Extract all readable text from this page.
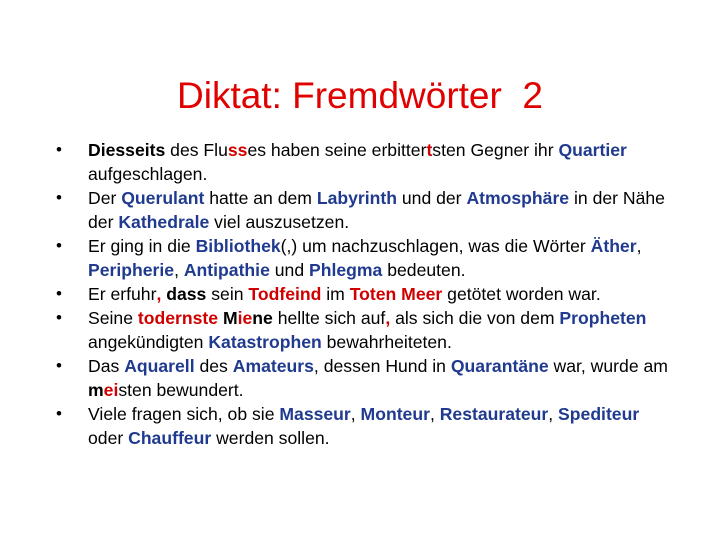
Diktat: Fremdwörter  2
•	Diesseits des Flusses haben seine erbittertsten Gegner ihr Quartier aufgeschlagen.
•	Der Querulant hatte an dem Labyrinth und der Atmosphäre in der Nähe der Kathedrale viel auszusetzen.
•	Er ging in die Bibliothek(,) um nachzuschlagen, was die Wörter Äther, Peripherie, Antipathie und Phlegma bedeuten.
•	Er erfuhr, dass sein Todfeind im Toten Meer getötet worden war.
•	Seine todernste Miene hellte sich auf, als sich die von dem Propheten angekündigten Katastrophen bewahrheiteten.
•	Das Aquarell des Amateurs, dessen Hund in Quarantäne war, wurde am meisten bewundert.
•	Viele fragen sich, ob sie Masseur, Monteur, Restaurateur, Spediteur oder Chauffeur werden sollen.
